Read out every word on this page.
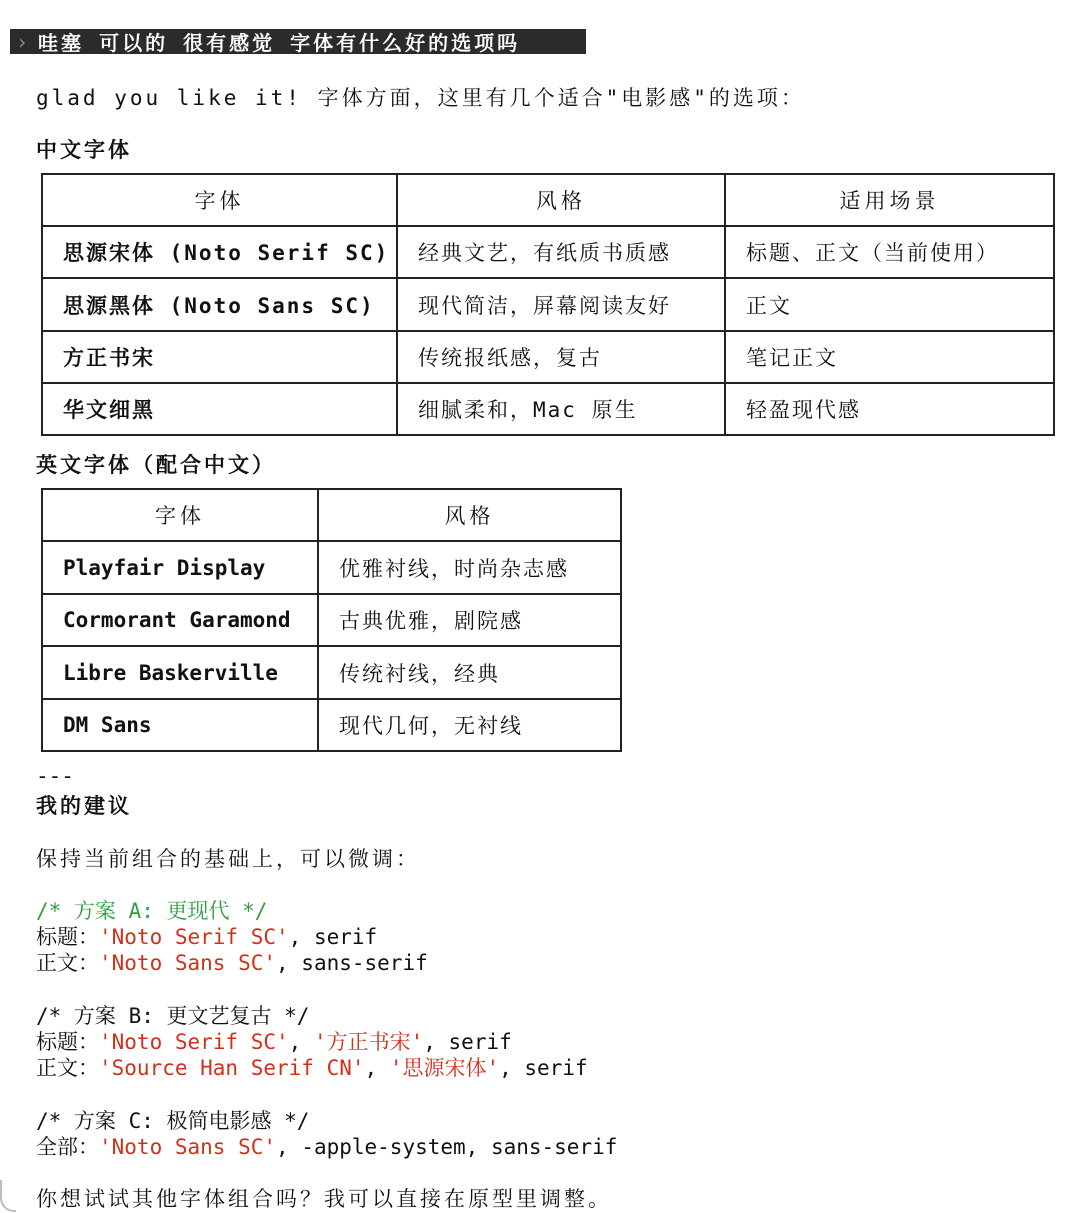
› 哇塞 可以的 很有感觉 字体有什么好的选项吗
glad you like it! 字体方面，这里有几个适合"电影感"的选项：
中文字体
字体	风格	适用场景
思源宋体 (Noto Serif SC)	经典文艺，有纸质书质感	标题、正文（当前使用）
思源黑体 (Noto Sans SC)	现代简洁，屏幕阅读友好	正文
方正书宋	传统报纸感，复古	笔记正文
华文细黑	细腻柔和，Mac 原生	轻盈现代感
英文字体（配合中文）
字体	风格
Playfair Display	优雅衬线，时尚杂志感
Cormorant Garamond	古典优雅，剧院感
Libre Baskerville	传统衬线，经典
DM Sans	现代几何，无衬线
---
我的建议
保持当前组合的基础上，可以微调：
/* 方案 A: 更现代 */
标题：'Noto Serif SC', serif
正文：'Noto Sans SC', sans-serif
/* 方案 B: 更文艺复古 */
标题：'Noto Serif SC', '方正书宋', serif
正文：'Source Han Serif CN', '思源宋体', serif
/* 方案 C: 极简电影感 */
全部：'Noto Sans SC', -apple-system, sans-serif
你想试试其他字体组合吗？我可以直接在原型里调整。
